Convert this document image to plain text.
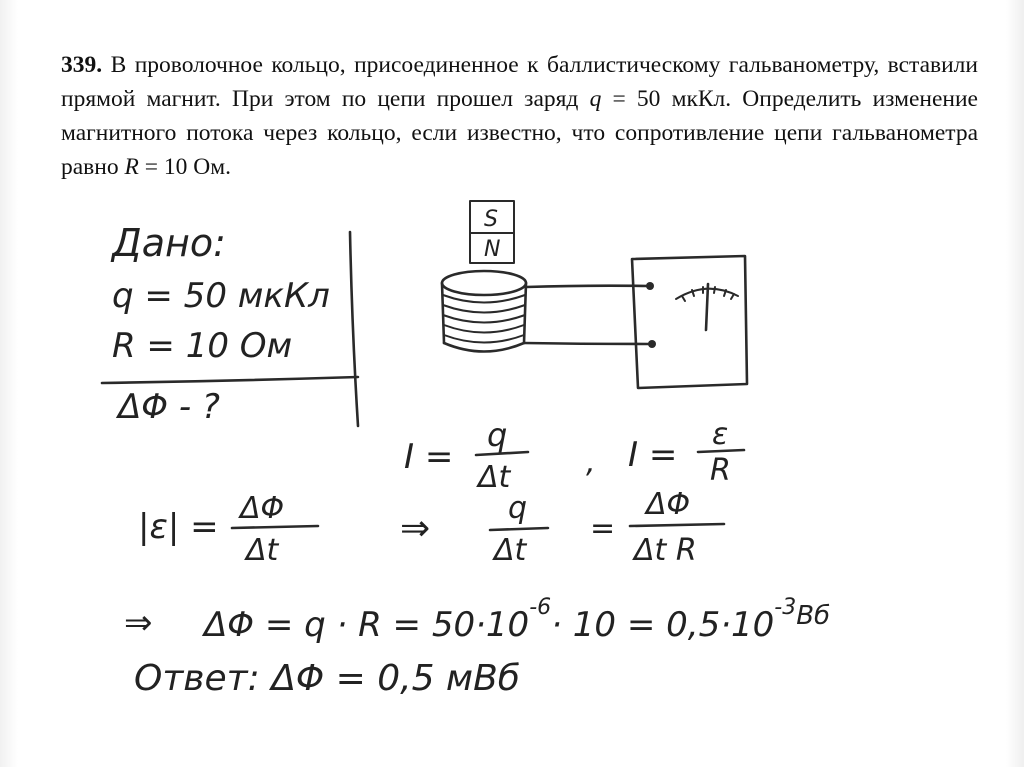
339. В проволочное кольцо, присоединенное к баллистическому гальванометру, вставили прямой магнит. При этом по цепи прошел заряд q = 50 мкКл. Определить изменение магнитного потока через кольцо, если известно, что сопротивление цепи гальванометра равно R = 10 Ом.
Дано:
q = 50 мкКл
R = 10 Ом
ΔΦ - ?
S
N
I =
q
Δt	, I =
ε
R
|ε| = ΔΦ
Δt
⇒	q
Δt
=
ΔΦ
Δt R
⇒ $\Delta\Phi = q \cdot R = 50\cdot 10^{-6}\cdot 10 = 0,5\cdot 10^{-3}_{Вб}$
Ответ: ΔΦ = 0,5 мВб
